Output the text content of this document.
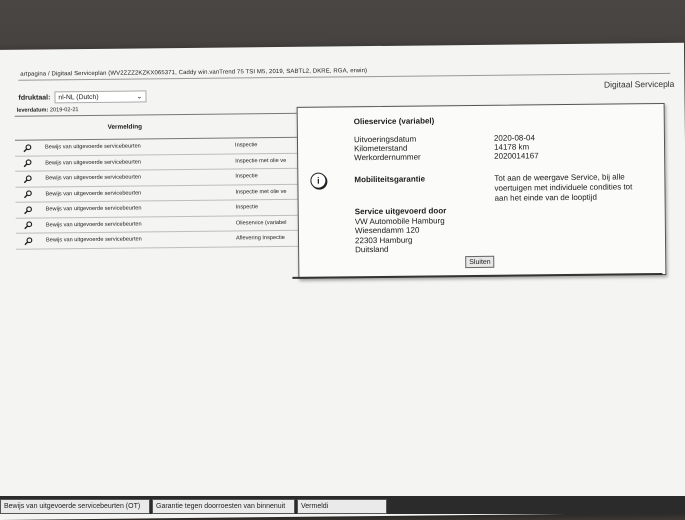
artpagina / Digitaal Serviceplan (WV2ZZZ2KZKX065371, Caddy win.vanTrend 75 TSI M5, 2019, SABTL2, DKRE, RGA, erwin)
Digitaal Servicepla
fdruktaal: nl-NL (Dutch)	⌄
leverdatum: 2019-02-21
Vermelding
Bewijs van uitgevoerde servicebeurten	Inspectie
Bewijs van uitgevoerde servicebeurten	Inspectie met olie ve
Bewijs van uitgevoerde servicebeurten	Inspectie
Bewijs van uitgevoerde servicebeurten	Inspectie met olie ve
Bewijs van uitgevoerde servicebeurten	Inspectie
Bewijs van uitgevoerde servicebeurten	Olieservice (variabel
Bewijs van uitgevoerde servicebeurten	Aflevering Inspectie
Olieservice (variabel)
Uitvoeringsdatum	2020-08-04
Kilometerstand	14178 km
Werkordernummer	2020014167
i	Mobiliteitsgarantie	Tot aan de weergave Service, bij alle
voertuigen met individuele condities tot
aan het einde van de looptijd
Service uitgevoerd door
VW Automobile Hamburg
Wiesendamm 120
22303 Hamburg
Duitsland
Sluiten
Bewijs van uitgevoerde servicebeurten (OT)	Garantie tegen doorroesten van binnenuit	Vermeldi
